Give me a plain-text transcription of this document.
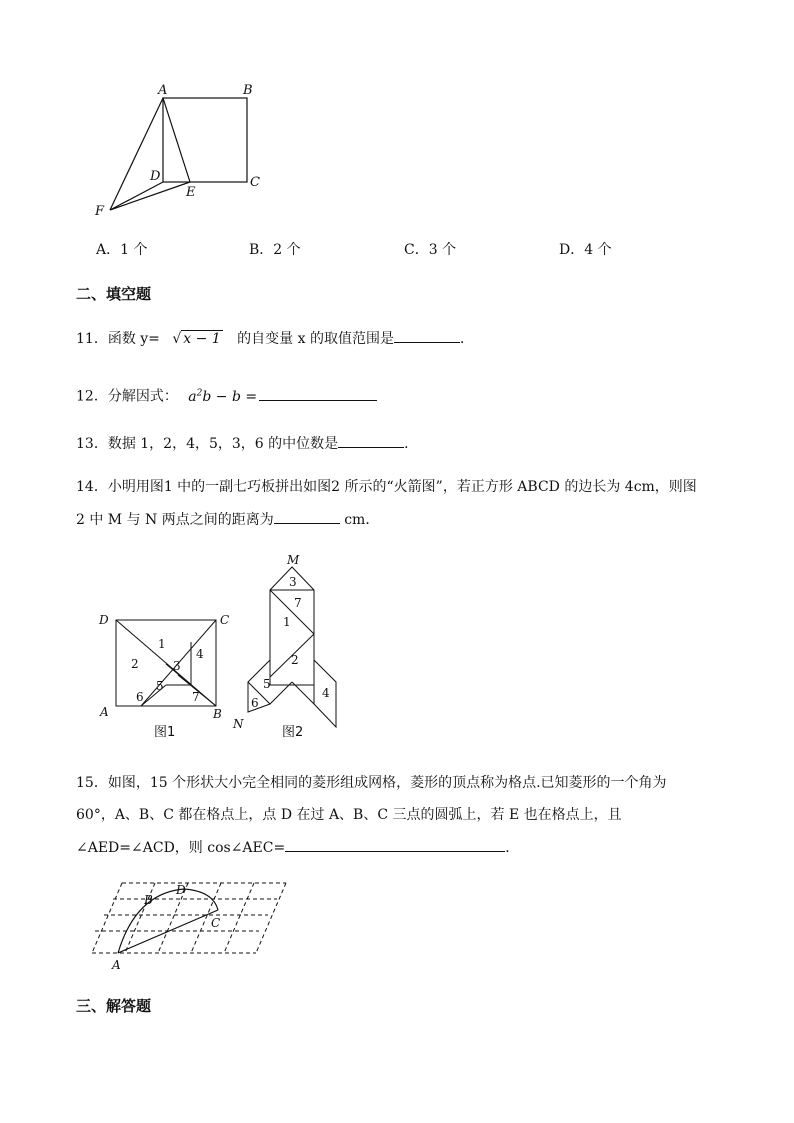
A	B
C
D
E
F
A．1 个	B．2 个	C．3 个	D．4 个
二、填空题
11．函数 y= √ x − 1 的自变量 x 的取值范围是	．
12．分解因式： $a^2b - b$ =
13．数据 1，2，4，5，3，6 的中位数是	．
14．小明用图1 中的一副七巧板拼出如图2 所示的“火箭图”，若正方形 ABCD 的边长为 4cm，则图
2 中 M 与 N 两点之间的距离为	cm．
D	C
A	B
1
2	3
4
5
6	7
图1
M
N
3
7
1
2
5
6
4
图2
15．如图，15 个形状大小完全相同的菱形组成网格，菱形的顶点称为格点.已知菱形的一个角为
60°，A、B、C 都在格点上，点 D 在过 A、B、C 三点的圆弧上，若 E 也在格点上，且
∠AED=∠ACD，则 cos∠AEC=	．
A
B
D
C
三、解答题
